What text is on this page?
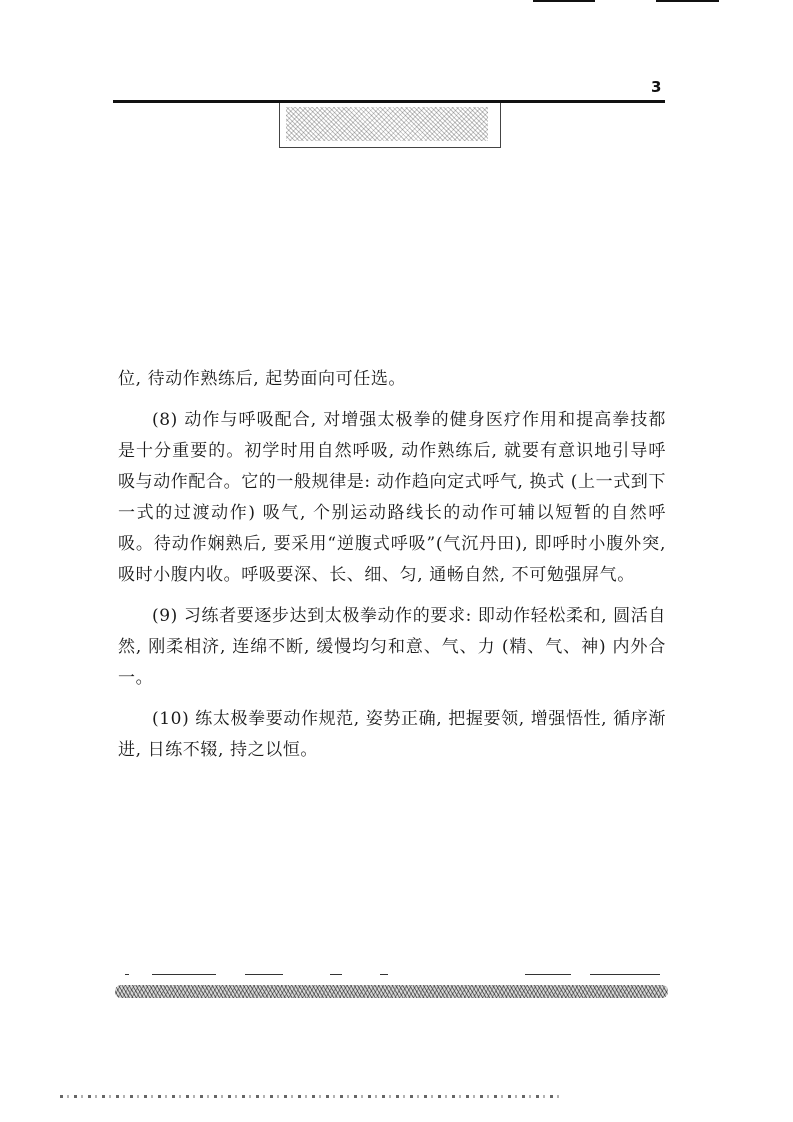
3

位, 待动作熟练后, 起势面向可任选。

(8) 动作与呼吸配合, 对增强太极拳的健身医疗作用和提高拳技都是十分重要的。初学时用自然呼吸, 动作熟练后, 就要有意识地引导呼吸与动作配合。它的一般规律是: 动作趋向定式呼气, 换式 (上一式到下一式的过渡动作) 吸气, 个别运动路线长的动作可辅以短暂的自然呼吸。待动作娴熟后, 要采用“逆腹式呼吸”(气沉丹田), 即呼时小腹外突, 吸时小腹内收。呼吸要深、长、细、匀, 通畅自然, 不可勉强屏气。

(9) 习练者要逐步达到太极拳动作的要求: 即动作轻松柔和, 圆活自然, 刚柔相济, 连绵不断, 缓慢均匀和意、气、力 (精、气、神) 内外合一。

(10) 练太极拳要动作规范, 姿势正确, 把握要领, 增强悟性, 循序渐进, 日练不辍, 持之以恒。
